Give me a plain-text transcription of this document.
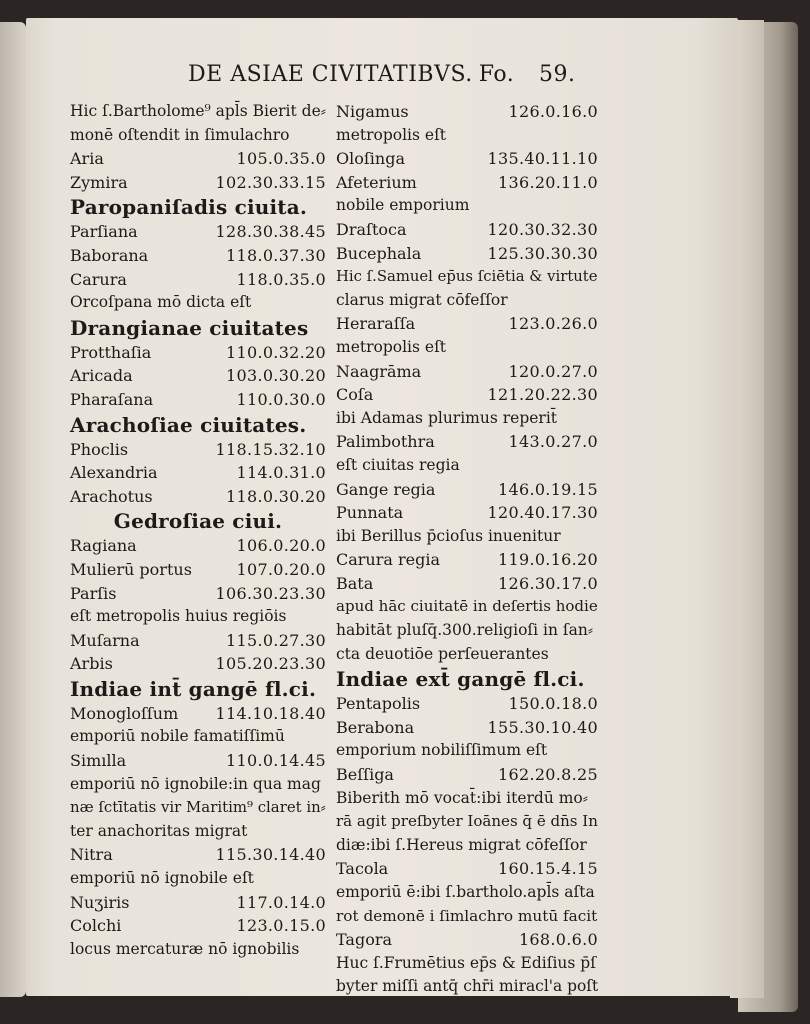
DE ASIAE CIVITATIBVS. Fo. 59.
Hic ſ.Bartholome⁹ apl̄s Bierit de⸗
monē oſtendit in ſimulachro
Aria	105.0.35.0
Zymira	102.30.33.15
Paropaniſadis ciuita.
Parſiana	128.30.38.45
Baborana	118.0.37.30
Carura	118.0.35.0
Orcoſpana mō dicta eſt
Drangianae ciuitates
Protthaſia	110.0.32.20
Aricada	103.0.30.20
Pharaſana	110.0.30.0
Arachoſiae ciuitates.
Phoclis	118.15.32.10
Alexandria	114.0.31.0
Arachotus	118.0.30.20
Gedroſiae ciui.
Ragiana	106.0.20.0
Mulierū portus	107.0.20.0
Parſis	106.30.23.30
eſt metropolis huius regiōis
Muſarna	115.0.27.30
Arbis	105.20.23.30
Indiae int̄ gangē fl.ci.
Monogloſſum 114.10.18.40
emporiū nobile famatiſſimū
Simılla	110.0.14.45
emporiū nō ignobile:in qua mag
næ ſctītatis vir Maritim⁹ claret in⸗
ter anachoritas migrat
Nitra	115.30.14.40
emporiū nō ignobile eſt
Nuʒiris	117.0.14.0
Colchi	123.0.15.0
locus mercaturæ nō ignobilis
Nigamus	126.0.16.0
metropolis eſt
Oloſinga	135.40.11.10
Afeterium	136.20.11.0
nobile emporium
Draſtoca	120.30.32.30
Bucephala	125.30.30.30
Hic ſ.Samuel ep̄us ſciētia & virtute
clarus migrat cōfeſſor
Heraraſſa	123.0.26.0
metropolis eſt
Naagrāma	120.0.27.0
Coſa	121.20.22.30
ibi Adamas plurimus reperit̄
Palimbothra	143.0.27.0
eſt ciuitas regia
Gange regia	146.0.19.15
Punnata	120.40.17.30
ibi Berillus p̄cioſus inuenitur
Carura regia	119.0.16.20
Bata	126.30.17.0
apud hāc ciuitatē in deſertis hodie
habitāt pluſq̄.300.religioſi in ſan⸗
cta deuotiōe perſeuerantes
Indiae ext̄ gangē fl.ci.
Pentapolis	150.0.18.0
Berabona	155.30.10.40
emporium nobiliſſimum eſt
Beſſiga	162.20.8.25
Biberith mō vocat̄:ibi iterdū mo⸗
rā agit preſbyter Ioānes q̄ ē dn̄s In
diæ:ibi ſ.Hereus migrat cōfeſſor
Tacola	160.15.4.15
emporiū ē:ibi ſ.bartholo.apl̄s aſta
rot demonē i ſimlachro mutū facit
Tagora	168.0.6.0
Huc ſ.Frumētius ep̄s & Ediſius p̄ſ
byter miſſi antq̄ chr̄i miracl'a poſt
